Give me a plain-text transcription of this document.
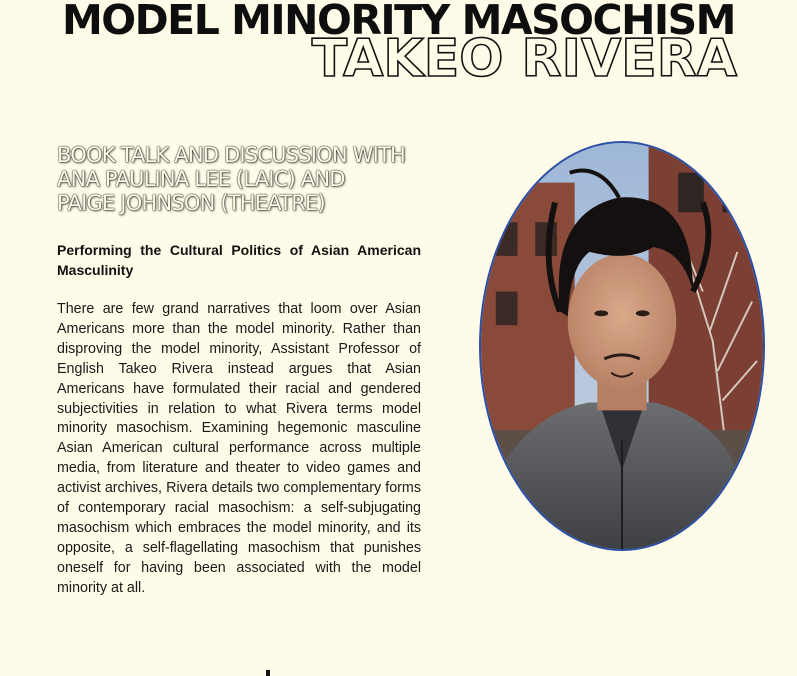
MODEL MINORITY MASOCHISM
TAKEO RIVERA
BOOK TALK AND DISCUSSION WITH
ANA PAULINA LEE (LAIC) AND
PAIGE JOHNSON (THEATRE)
Performing the Cultural Politics of Asian American Masculinity
There are few grand narratives that loom over Asian Americans more than the model minority. Rather than disproving the model minority, Assistant Professor of English Takeo Rivera instead argues that Asian Americans have formulated their racial and gendered subjectivities in relation to what Rivera terms model minority masochism. Examining hegemonic masculine Asian American cultural performance across multiple media, from literature and theater to video games and activist archives, Rivera details two complementary forms of contemporary racial masochism: a self-subjugating masochism which embraces the model minority, and its opposite, a self-flagellating masochism that punishes oneself for having been associated with the model minority at all.
